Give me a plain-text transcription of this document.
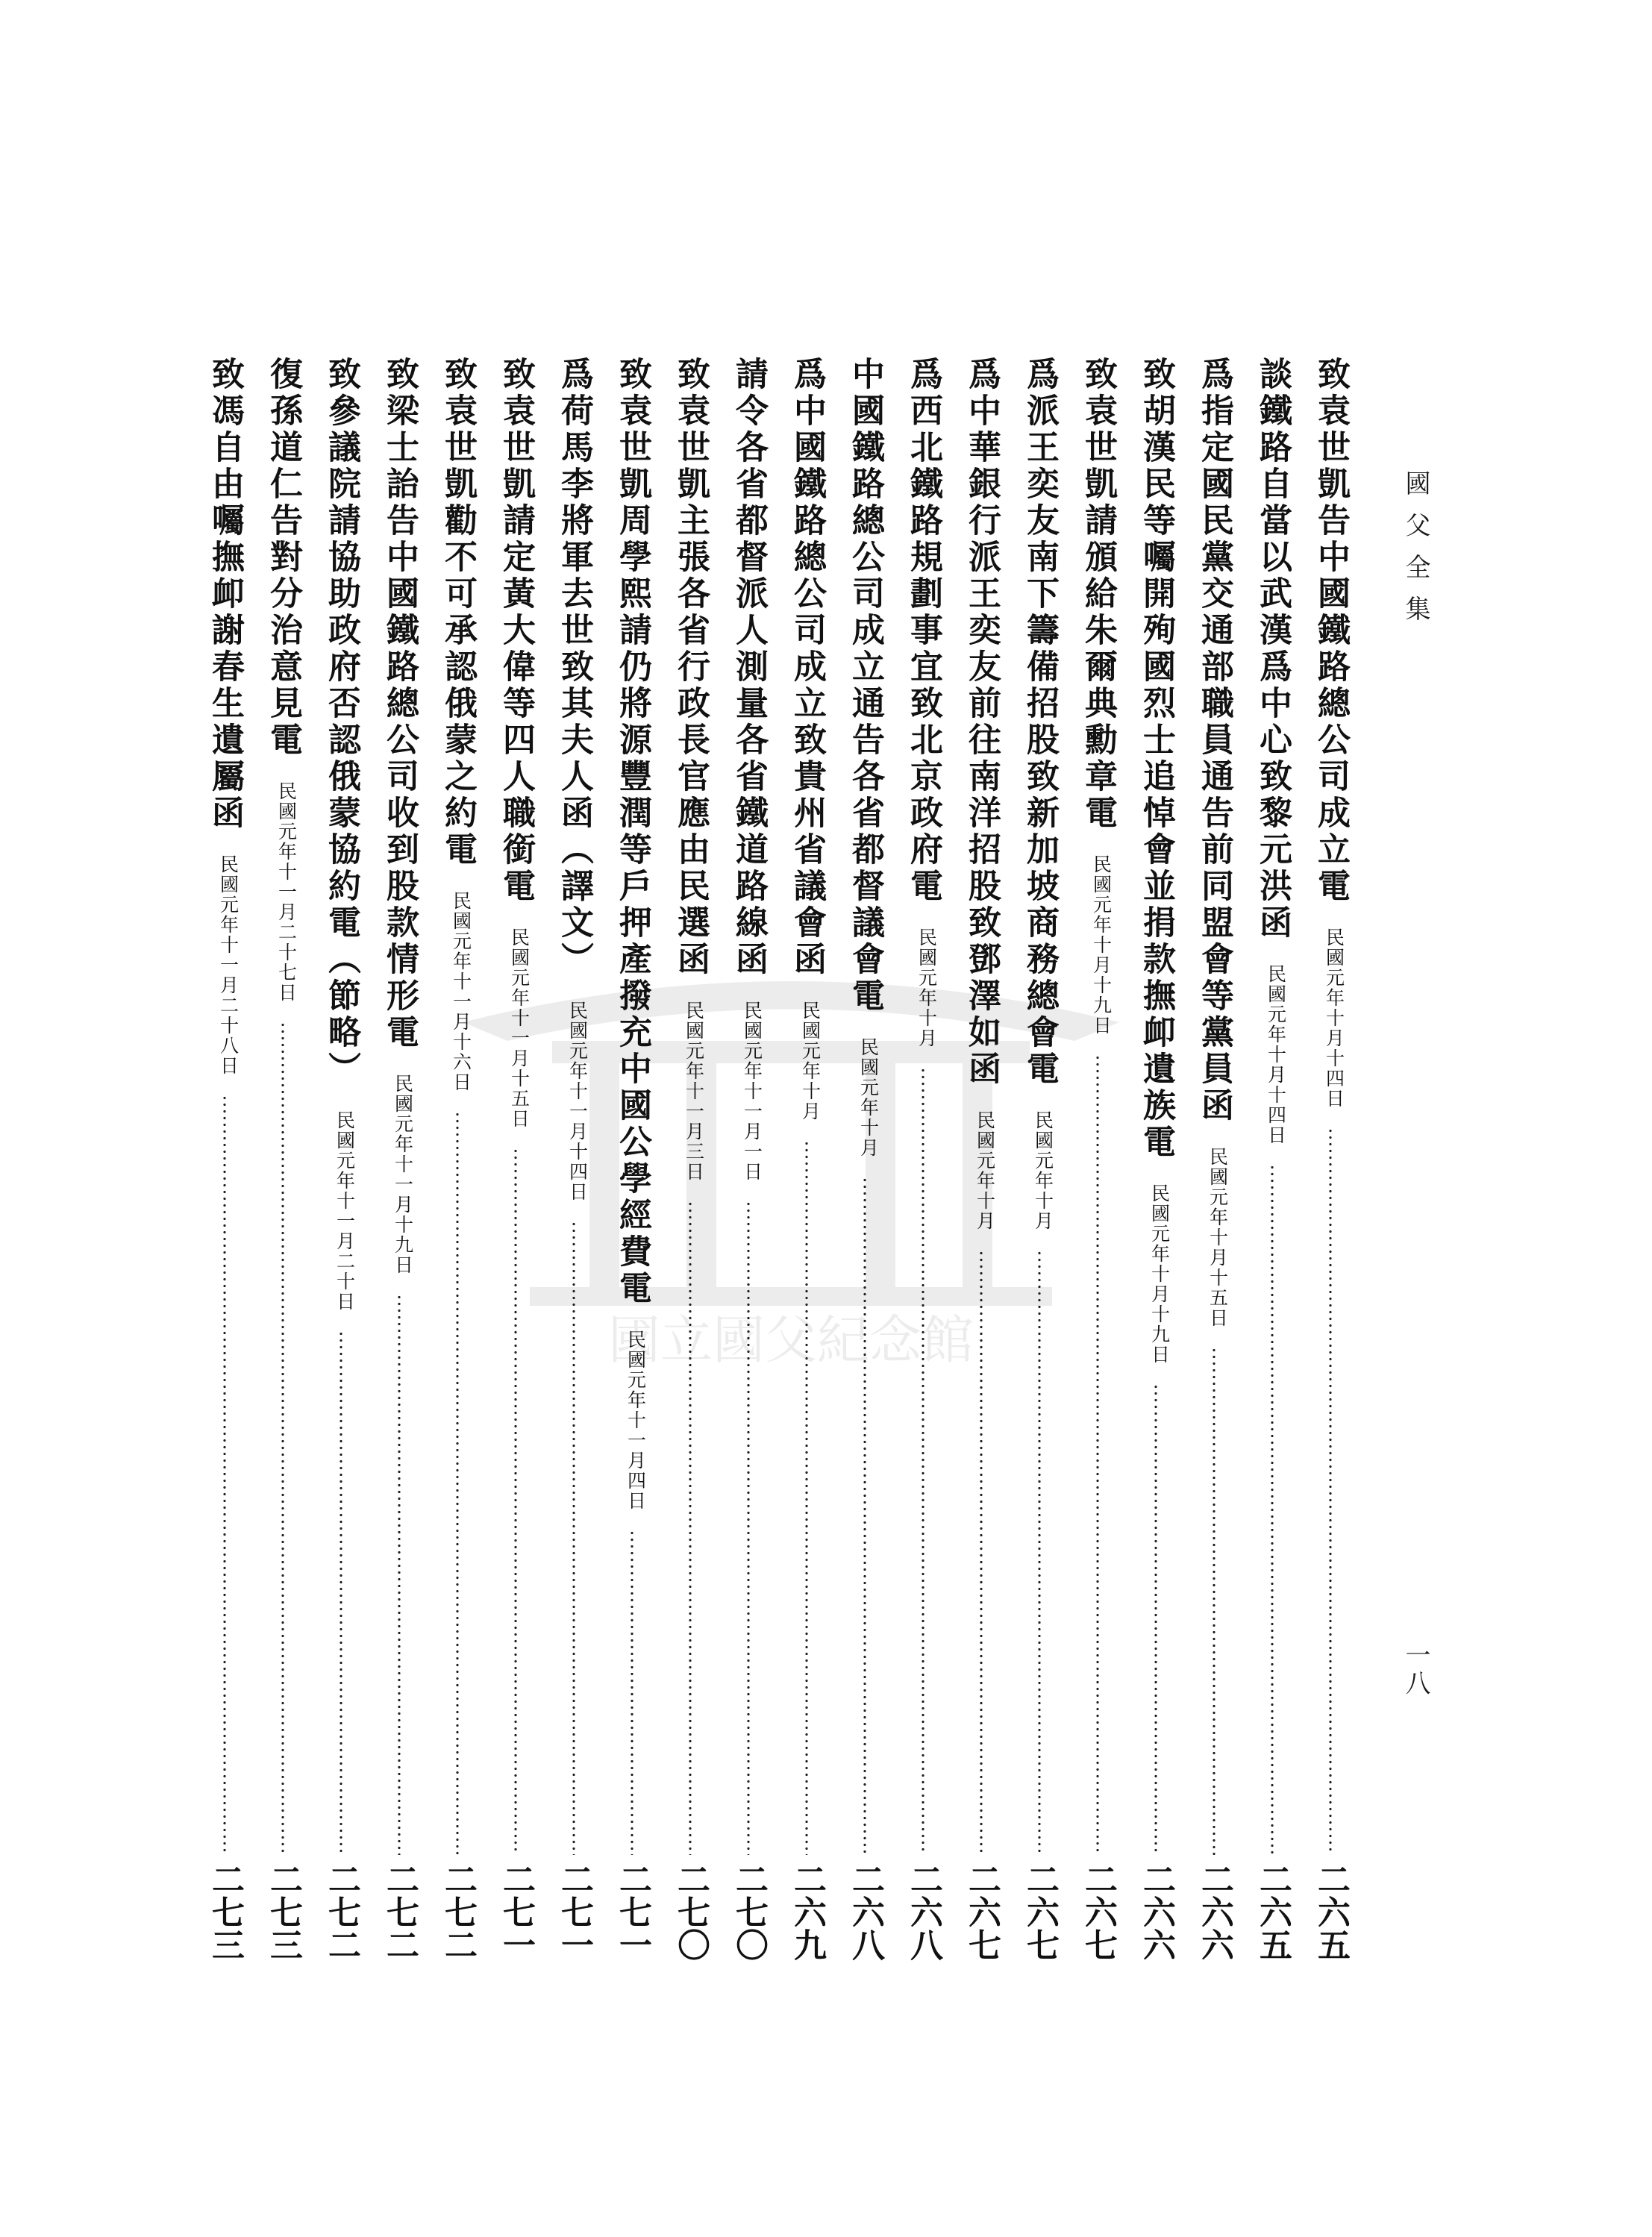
國父全集
一八
國立國父紀念館
致袁世凱告中國鐵路總公司成立電
民國元年十月十四日
二六五
談鐵路自當以武漢爲中心致黎元洪函
民國元年十月十四日
二六五
爲指定國民黨交通部職員通告前同盟會等黨員函
民國元年十月十五日
二六六
致胡漢民等囑開殉國烈士追悼會並捐款撫卹遺族電
民國元年十月十九日
二六六
致袁世凱請頒給朱爾典勳章電
民國元年十月十九日
二六七
爲派王奕友南下籌備招股致新加坡商務總會電
民國元年十月
二六七
爲中華銀行派王奕友前往南洋招股致鄧澤如函
民國元年十月
二六七
爲西北鐵路規劃事宜致北京政府電
民國元年十月
二六八
中國鐵路總公司成立通告各省都督議會電
民國元年十月
二六八
爲中國鐵路總公司成立致貴州省議會函
民國元年十月
二六九
請令各省都督派人測量各省鐵道路線函
民國元年十一月一日
二七〇
致袁世凱主張各省行政長官應由民選函
民國元年十一月三日
二七〇
致袁世凱周學熙請仍將源豐潤等戶押產撥充中國公學經費電
民國元年十一月四日
二七一
爲荷馬李將軍去世致其夫人函（譯文）
民國元年十一月十四日
二七一
致袁世凱請定黃大偉等四人職銜電
民國元年十一月十五日
二七一
致袁世凱勸不可承認俄蒙之約電
民國元年十一月十六日
二七二
致梁士詒告中國鐵路總公司收到股款情形電
民國元年十一月十九日
二七二
致參議院請協助政府否認俄蒙協約電（節略）
民國元年十一月二十日
二七二
復孫道仁告對分治意見電
民國元年十一月二十七日
二七三
致馮自由囑撫卹謝春生遺屬函
民國元年十一月二十八日
二七三
